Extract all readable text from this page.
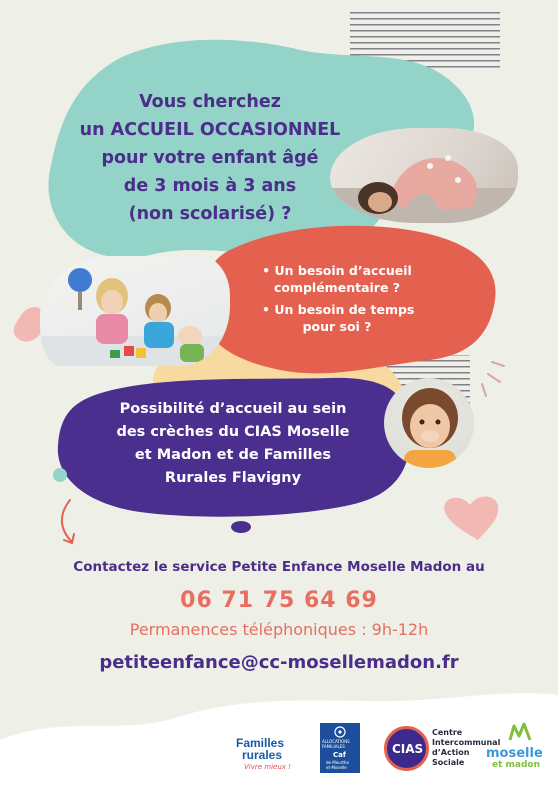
Vous cherchez
un ACCUEIL OCCASIONNEL
pour votre enfant âgé
de 3 mois à 3 ans
(non scolarisé) ?
• Un besoin d’accueil
complémentaire ?
• Un besoin de temps
pour soi ?
Possibilité d’accueil au sein
des crèches du CIAS Moselle
et Madon et de Familles
Rurales Flavigny
Contactez le service Petite Enfance Moselle Madon au
06 71 75 64 69
Permanences téléphoniques : 9h-12h
petiteenfance@cc-mosellemadon.fr
Familles
rurales
Vivre mieux !
ALLOCATIONS
FAMILIALES
Caf
de Meurthe
et-Moselle
CIAS
Centre
Intercommunal
d’Action
Sociale
moselle
et madon
